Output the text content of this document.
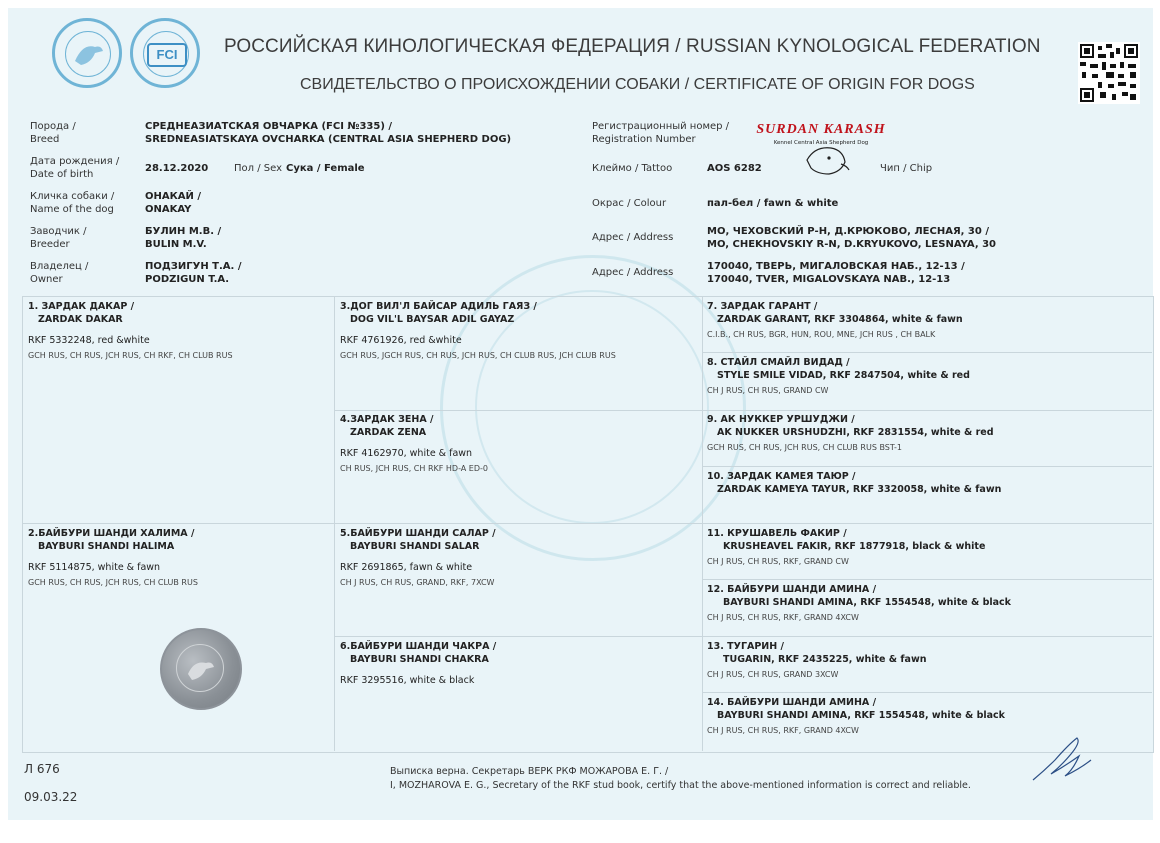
FCI	РОССИЙСКАЯ КИНОЛОГИЧЕСКАЯ ФЕДЕРАЦИЯ / RUSSIAN KYNOLOGICAL FEDERATION
СВИДЕТЕЛЬСТВО О ПРОИСХОЖДЕНИИ СОБАКИ / CERTIFICATE OF ORIGIN FOR DOGS
Порода /
Breed
СРЕДНЕАЗИАТСКАЯ ОВЧАРКА (FCI №335) /
SREDNEASIATSKAYA OVCHARKA (CENTRAL ASIA SHEPHERD DOG)
Дата рождения /
Date of birth
28.12.2020	Пол / Sex Сука / Female
Кличка собаки /
Name of the dog
ОНАКАЙ /
ONAKAY
Заводчик /
Breeder
БУЛИН М.В. /
BULIN M.V.
Владелец /
Owner
ПОДЗИГУН Т.А. /
PODZIGUN T.A.
Регистрационный номер /
Registration Number
SURDAN KARASH
Kennel Central Asia Shepherd Dog
Клеймо / Tattoo	AOS 6282	Чип / Chip
Окрас / Colour	пал-бел / fawn & white
Адрес / Address
МО, ЧЕХОВСКИЙ Р-Н, Д.КРЮКОВО, ЛЕСНАЯ, 30 /
MO, CHEKHOVSKIY R-N, D.KRYUKOVO, LESNAYA, 30
Адрес / Address
170040, ТВЕРЬ, МИГАЛОВСКАЯ НАБ., 12-13 /
170040, TVER, MIGALOVSKAYA NAB., 12-13
1. ЗАРДАК ДАКАР /
ZARDAK DAKAR
RKF 5332248, red &white
GCH RUS, CH RUS, JCH RUS, CH RKF, CH CLUB RUS
2.БАЙБУРИ ШАНДИ ХАЛИМА /
BAYBURI SHANDI HALIMA
RKF 5114875, white & fawn
GCH RUS, CH RUS, JCH RUS, CH CLUB RUS
3.ДОГ ВИЛ'Л БАЙСАР АДИЛЬ ГАЯЗ /
DOG VIL'L BAYSAR ADIL GAYAZ
RKF 4761926, red &white
GCH RUS, JGCH RUS, CH RUS, JCH RUS, CH CLUB RUS, JCH CLUB RUS
4.ЗАРДАК ЗЕНА /
ZARDAK ZENA
RKF 4162970, white & fawn
CH RUS, JCH RUS, CH RKF HD-A ED-0
5.БАЙБУРИ ШАНДИ САЛАР /
BAYBURI SHANDI SALAR
RKF 2691865, fawn & white
CH J RUS, CH RUS, GRAND, RKF, 7XCW
6.БАЙБУРИ ШАНДИ ЧАКРА /
BAYBURI SHANDI CHAKRA
RKF 3295516, white & black
7. ЗАРДАК ГАРАНТ /
ZARDAK GARANT, RKF 3304864, white & fawn
C.I.B., CH RUS, BGR, HUN, ROU, MNE, JCH RUS , CH BALK
8. СТАЙЛ СМАЙЛ ВИДАД /
STYLE SMILE VIDAD, RKF 2847504, white & red
CH J RUS, CH RUS, GRAND CW
9. АК НУККЕР УРШУДЖИ /
AK NUKKER URSHUDZHI, RKF 2831554, white & red
GCH RUS, CH RUS, JCH RUS, CH CLUB RUS BST-1
10. ЗАРДАК КАМЕЯ ТАЮР /
ZARDAK KAMEYA TAYUR, RKF 3320058, white & fawn
11. КРУШАВЕЛЬ ФАКИР /
KRUSHEAVEL FAKIR, RKF 1877918, black & white
CH J RUS, CH RUS, RKF, GRAND CW
12. БАЙБУРИ ШАНДИ АМИНА /
BAYBURI SHANDI AMINA, RKF 1554548, white & black
CH J RUS, CH RUS, RKF, GRAND 4XCW
13. ТУГАРИН /
TUGARIN, RKF 2435225, white & fawn
CH J RUS, CH RUS, GRAND 3XCW
14. БАЙБУРИ ШАНДИ АМИНА /
BAYBURI SHANDI AMINA, RKF 1554548, white & black
CH J RUS, CH RUS, RKF, GRAND 4XCW
Л 676
09.03.22
Выписка верна. Секретарь ВЕРК РКФ МОЖАРОВА Е. Г. /
I, MOZHAROVA E. G., Secretary of the RKF stud book, certify that the above-mentioned information is correct and reliable.
